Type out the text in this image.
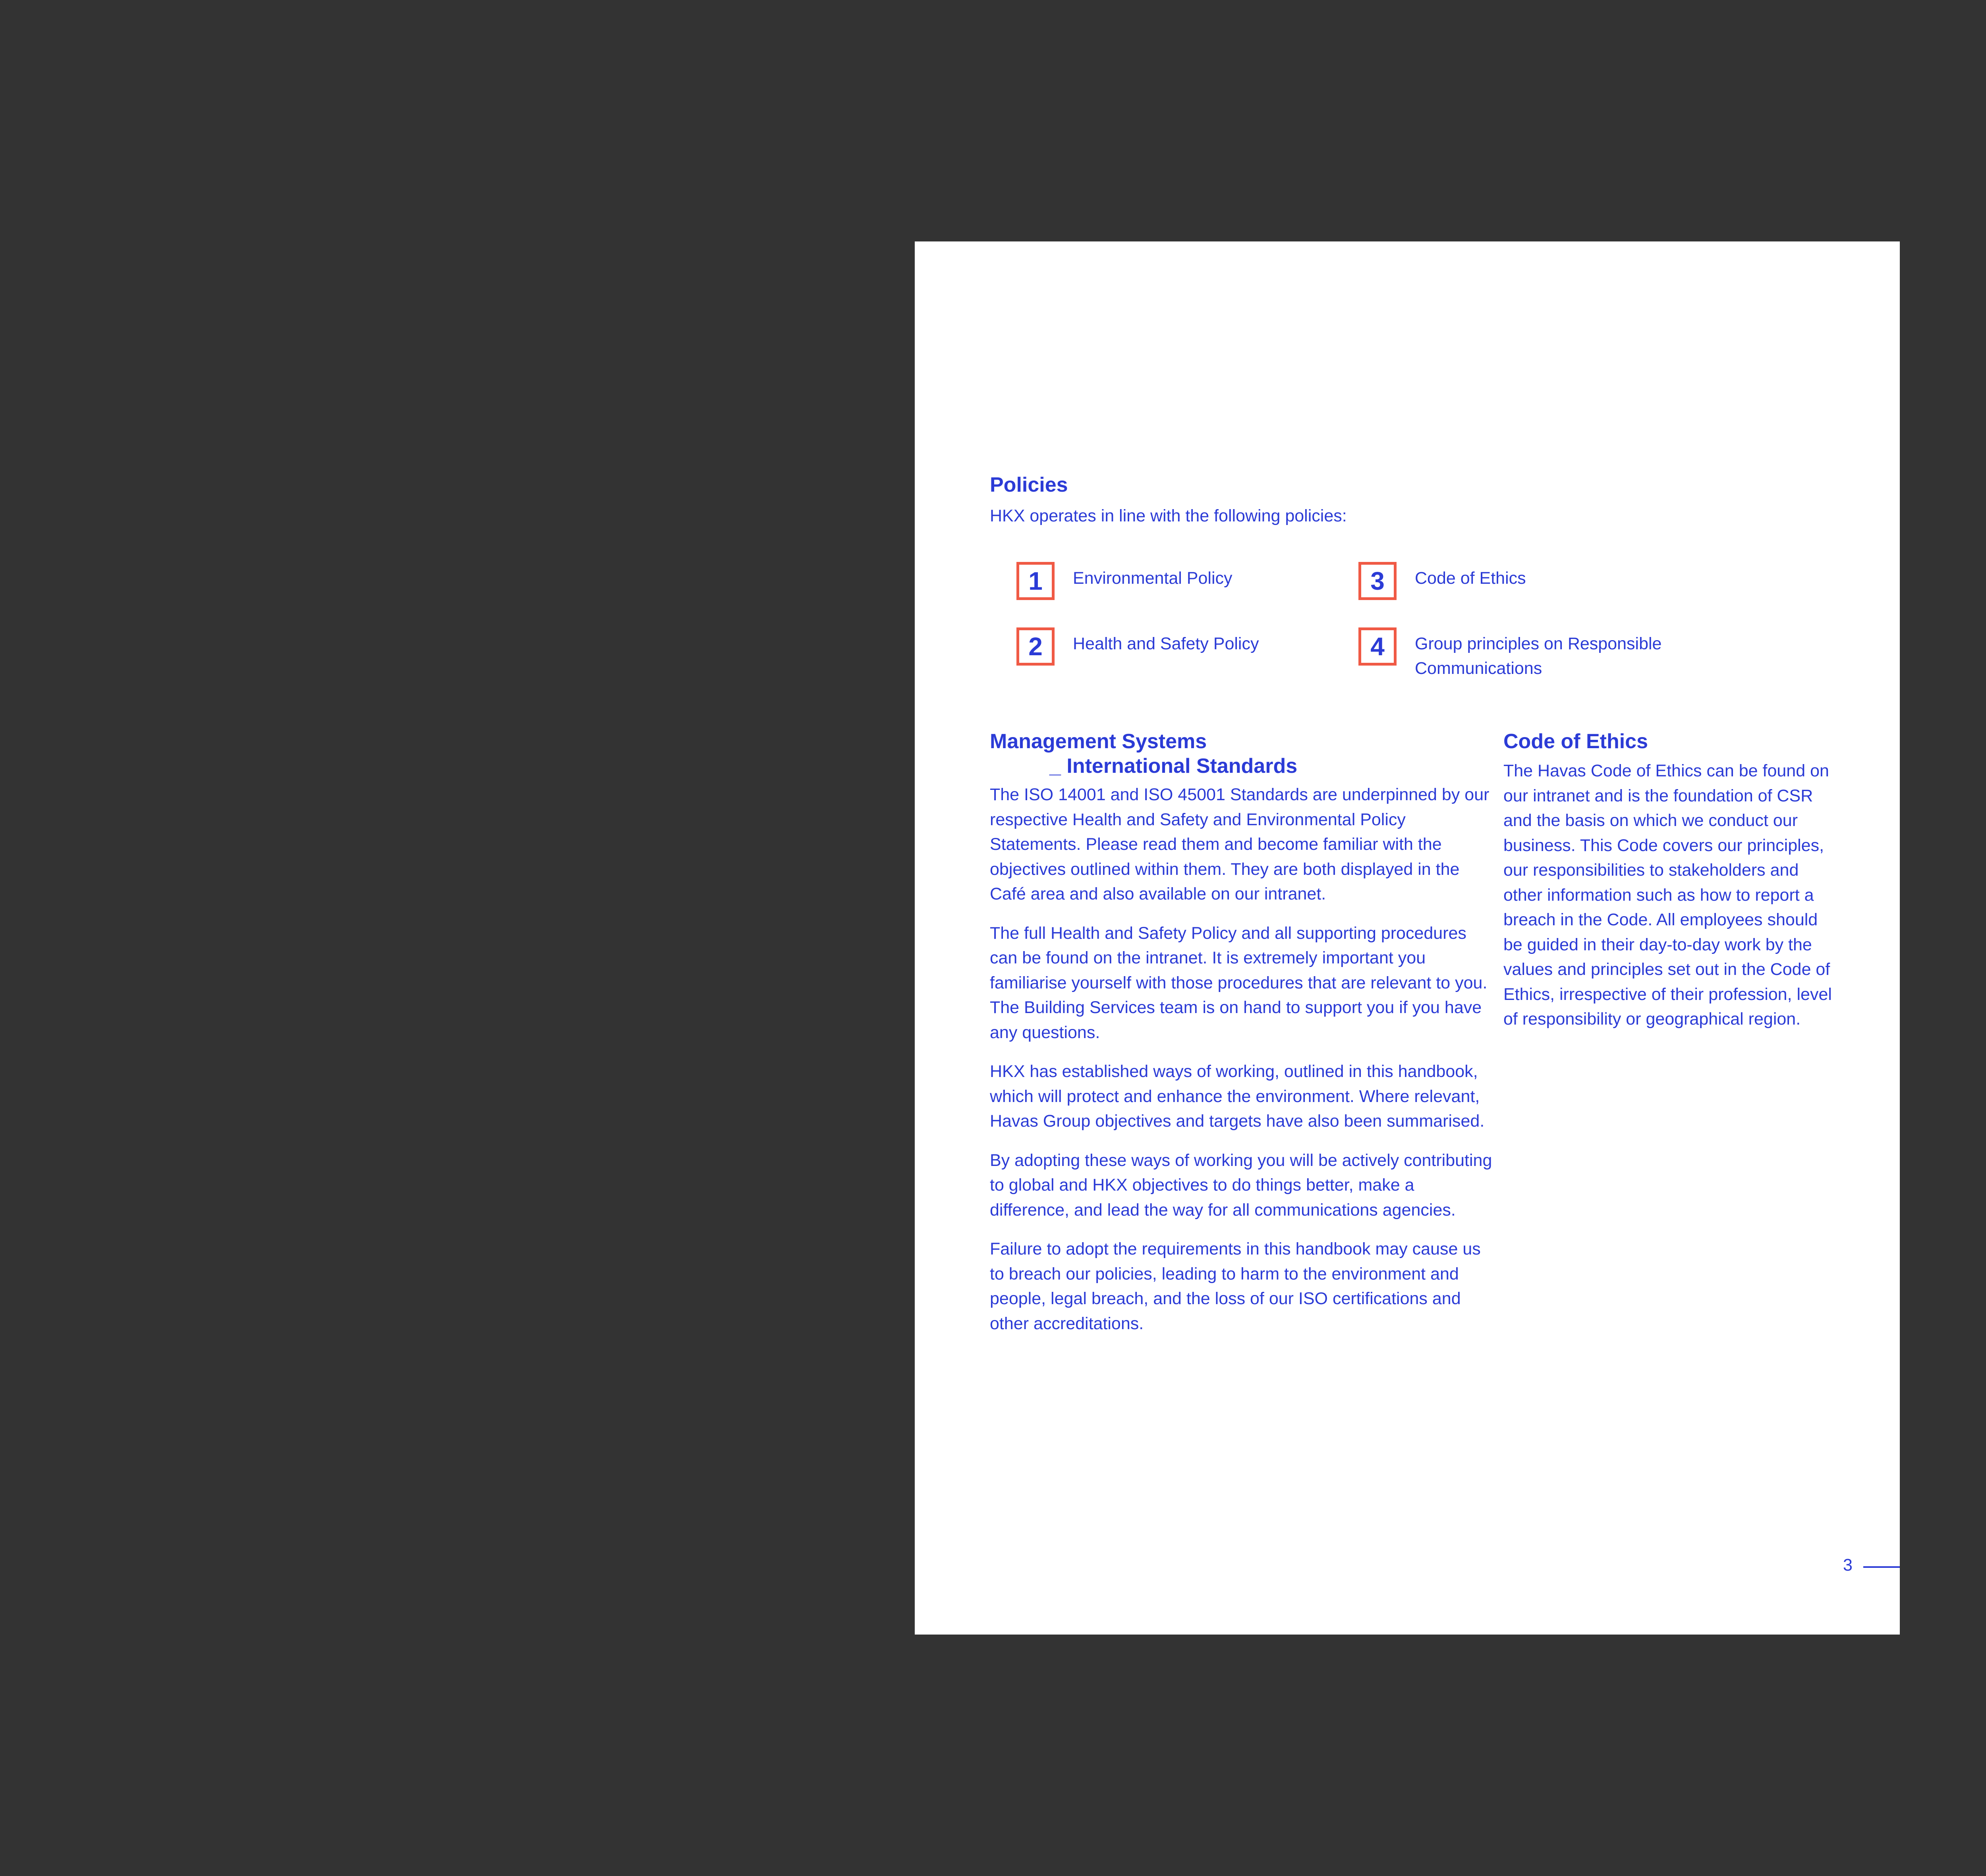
Policies

HKX operates in line with the following policies:

1	Environmental Policy
2	Health and Safety Policy
3	Code of Ethics
4	Group principles on Responsible
Communications
Management Systems
_ International Standards

The ISO 14001 and ISO 45001 Standards are underpinned by our respective Health and Safety and Environmental Policy Statements. Please read them and become familiar with the objectives outlined within them. They are both displayed in the Café area and also available on our intranet.

The full Health and Safety Policy and all supporting procedures can be found on the intranet. It is extremely important you familiarise yourself with those procedures that are relevant to you. The Building Services team is on hand to support you if you have any questions.

HKX has established ways of working, outlined in this handbook, which will protect and enhance the environment. Where relevant, Havas Group objectives and targets have also been summarised.

By adopting these ways of working you will be actively contributing to global and HKX objectives to do things better, make a difference, and lead the way for all communications agencies.

Failure to adopt the requirements in this handbook may cause us to breach our policies, leading to harm to the environment and people, legal breach, and the loss of our ISO certifications and other accreditations.

Code of Ethics

The Havas Code of Ethics can be found on our intranet and is the foundation of CSR and the basis on which we conduct our business. This Code covers our principles, our responsibilities to stakeholders and other information such as how to report a breach in the Code. All employees should be guided in their day-to-day work by the values and principles set out in the Code of Ethics, irrespective of their profession, level of responsibility or geographical region.

3
